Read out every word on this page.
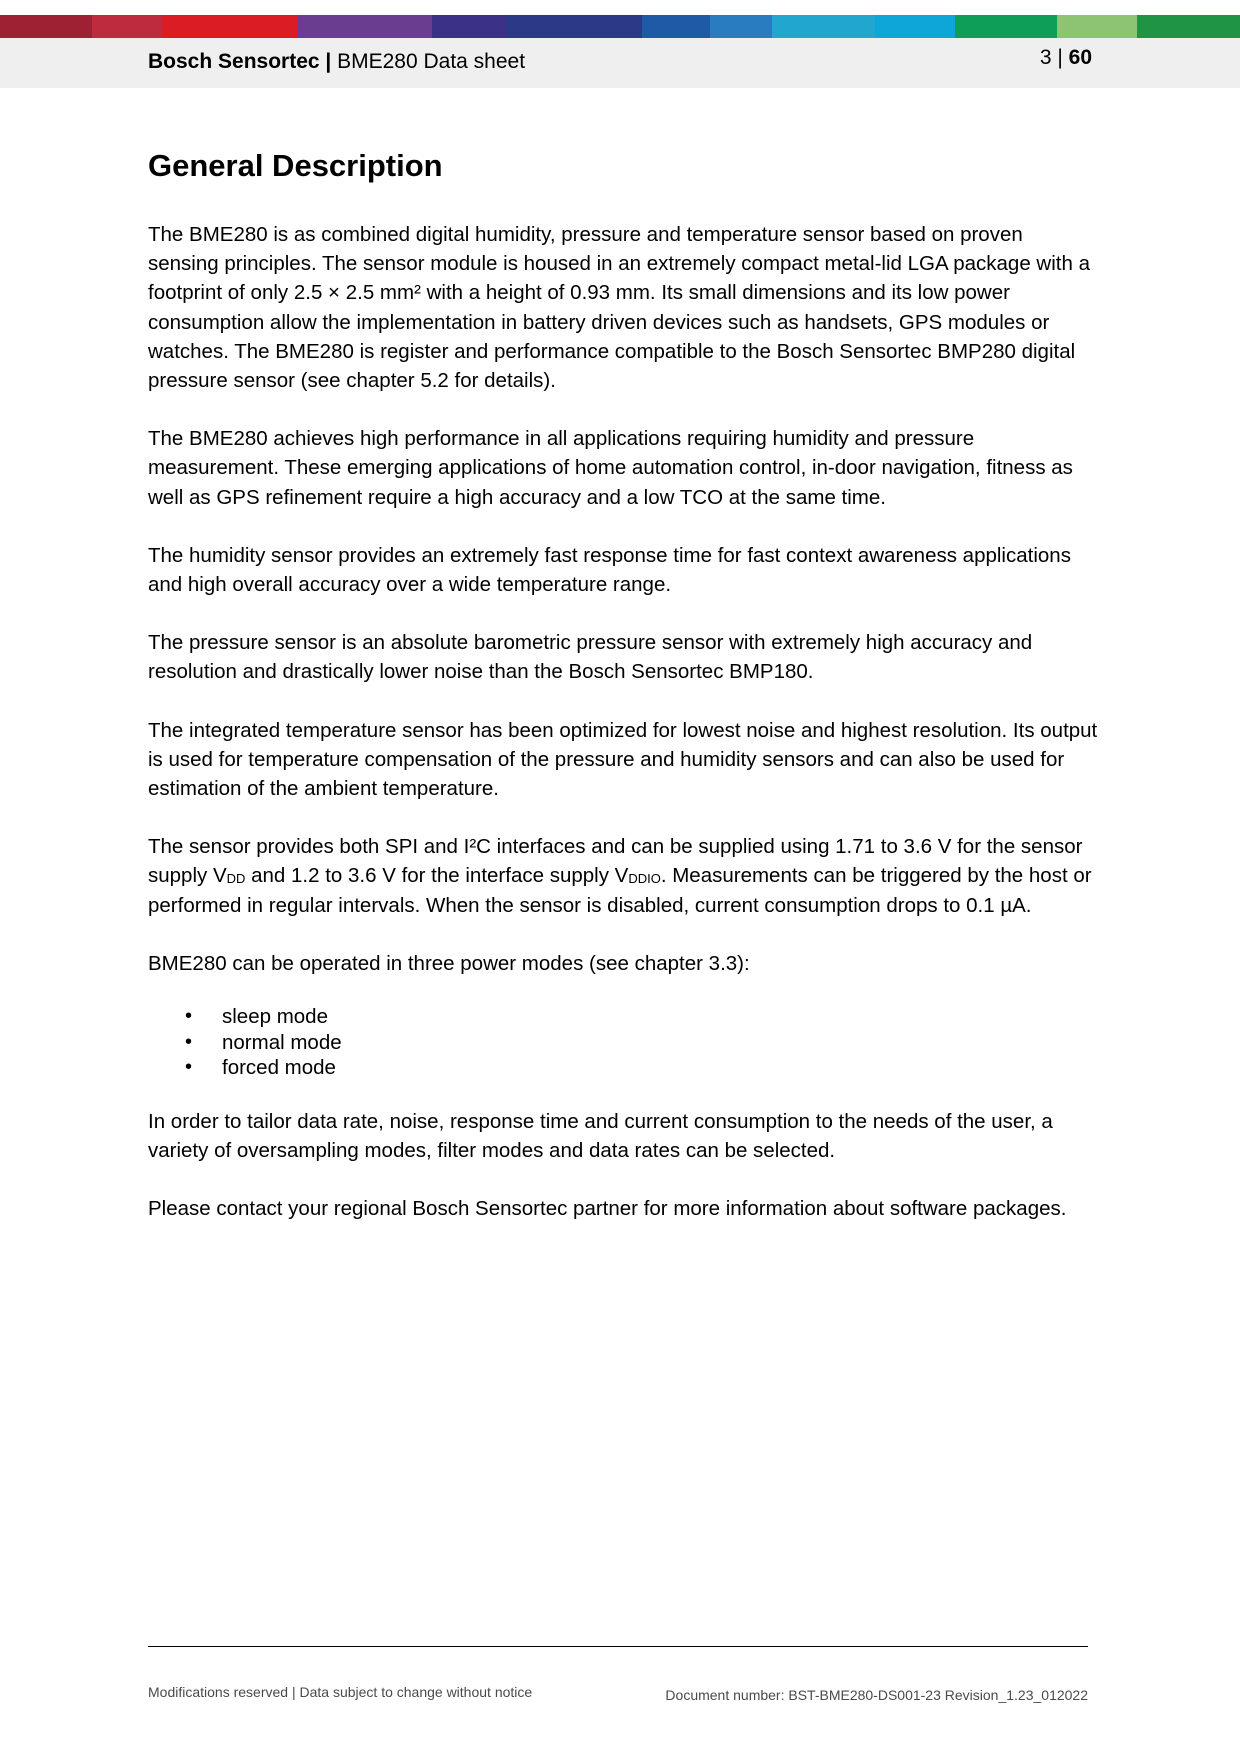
Bosch Sensortec | BME280 Data sheet	3 | 60
General Description

The BME280 is as combined digital humidity, pressure and temperature sensor based on proven sensing principles. The sensor module is housed in an extremely compact metal-lid LGA package with a footprint of only 2.5 × 2.5 mm² with a height of 0.93 mm. Its small dimensions and its low power consumption allow the implementation in battery driven devices such as handsets, GPS modules or watches. The BME280 is register and performance compatible to the Bosch Sensortec BMP280 digital pressure sensor (see chapter 5.2 for details).

The BME280 achieves high performance in all applications requiring humidity and pressure measurement. These emerging applications of home automation control, in-door navigation, fitness as well as GPS refinement require a high accuracy and a low TCO at the same time.

The humidity sensor provides an extremely fast response time for fast context awareness applications and high overall accuracy over a wide temperature range.

The pressure sensor is an absolute barometric pressure sensor with extremely high accuracy and resolution and drastically lower noise than the Bosch Sensortec BMP180.

The integrated temperature sensor has been optimized for lowest noise and highest resolution. Its output is used for temperature compensation of the pressure and humidity sensors and can also be used for estimation of the ambient temperature.

The sensor provides both SPI and I²C interfaces and can be supplied using 1.71 to 3.6 V for the sensor supply $V_{DD}$ and 1.2 to 3.6 V for the interface supply $V_{DDIO}$. Measurements can be triggered by the host or performed in regular intervals. When the sensor is disabled, current consumption drops to 0.1 µA.

BME280 can be operated in three power modes (see chapter 3.3):

• sleep mode
• normal mode
• forced mode

In order to tailor data rate, noise, response time and current consumption to the needs of the user, a variety of oversampling modes, filter modes and data rates can be selected.

Please contact your regional Bosch Sensortec partner for more information about software packages.

Modifications reserved | Data subject to change without notice	Document number: BST-BME280-DS001-23 Revision_1.23_012022
